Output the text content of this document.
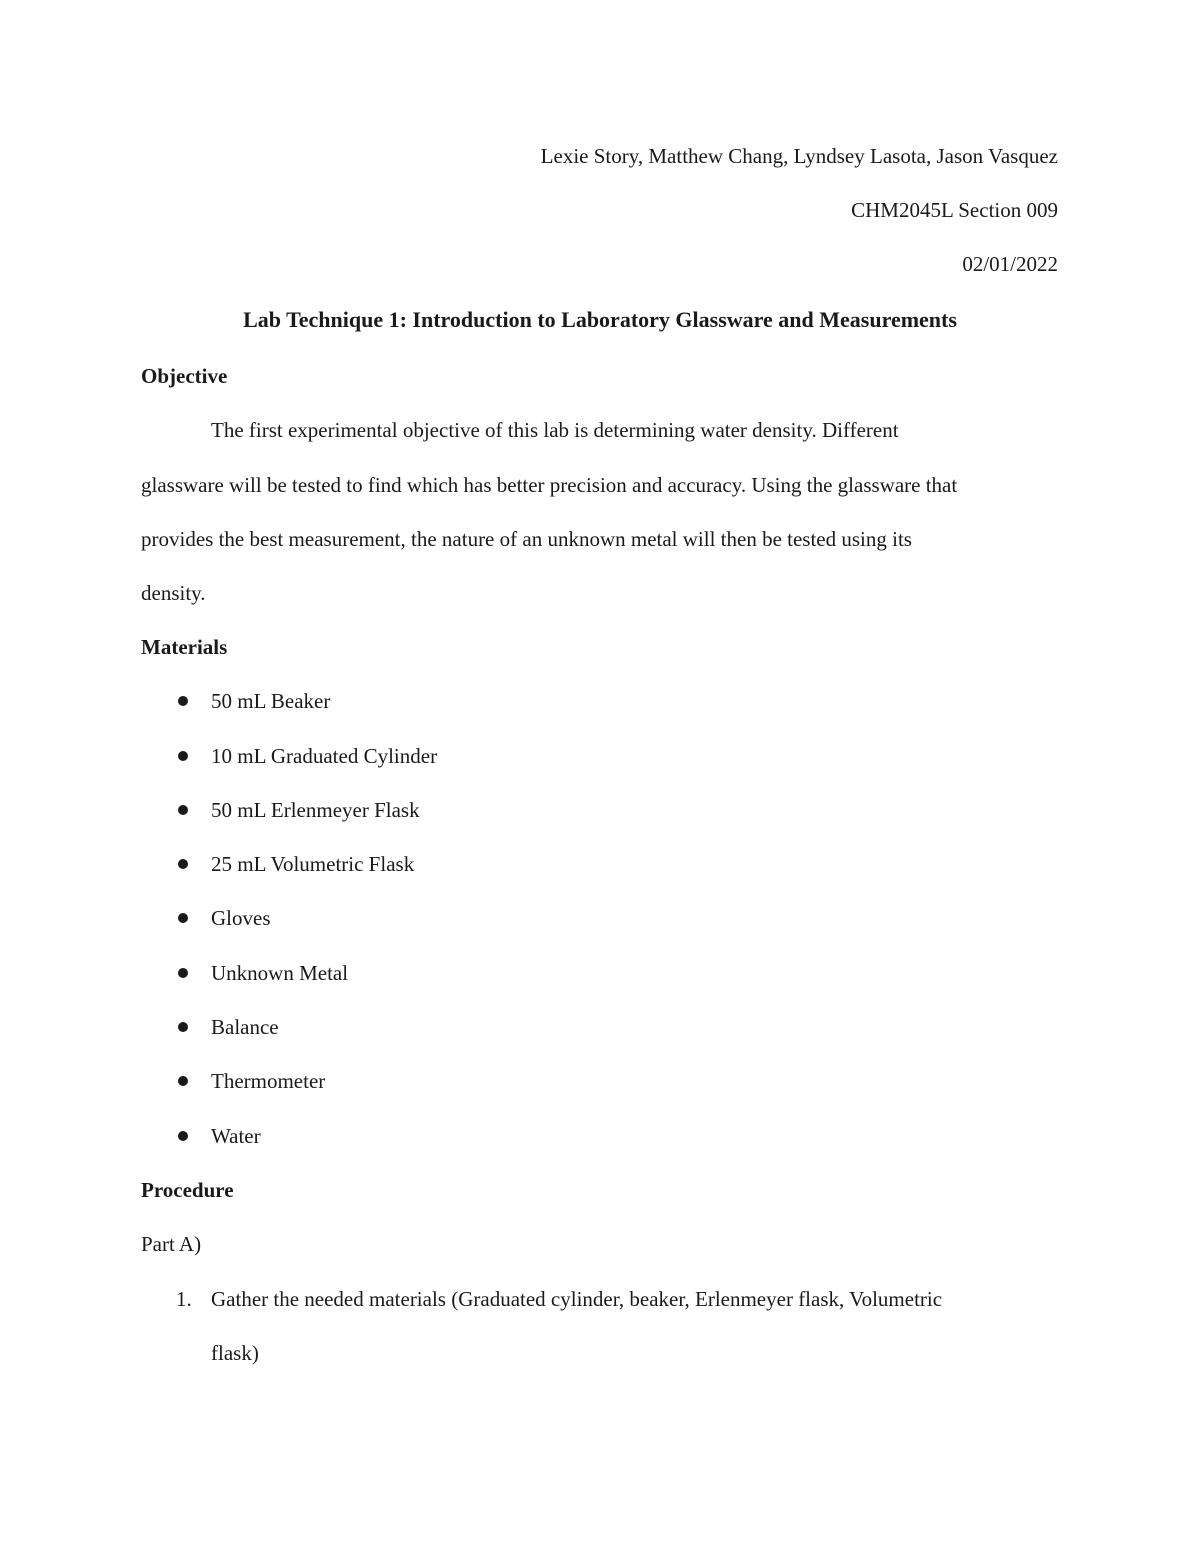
Lexie Story, Matthew Chang, Lyndsey Lasota, Jason Vasquez

CHM2045L Section 009

02/01/2022

Lab Technique 1: Introduction to Laboratory Glassware and Measurements

Objective

The first experimental objective of this lab is determining water density. Different

glassware will be tested to find which has better precision and accuracy. Using the glassware that

provides the best measurement, the nature of an unknown metal will then be tested using its

density.

Materials

50 mL Beaker
10 mL Graduated Cylinder
50 mL Erlenmeyer Flask
25 mL Volumetric Flask
Gloves
Unknown Metal
Balance
Thermometer
Water

Procedure

Part A)

1. Gather the needed materials (Graduated cylinder, beaker, Erlenmeyer flask, Volumetric
flask)
